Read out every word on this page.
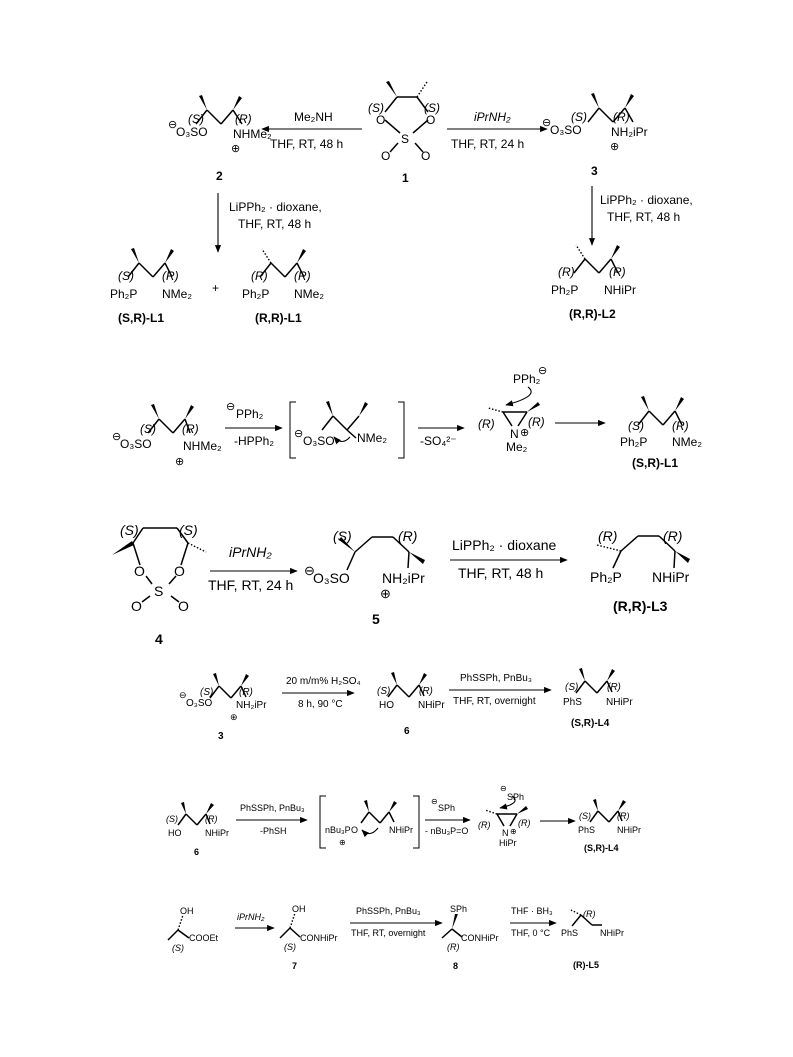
(S)	(S)
O	O
S
O	O
1
Me₂NH
THF, RT, 48 h
iPrNH₂
THF, RT, 24 h
(S)	(R)
⊖
O₃SO NHMe₂
⊕
2
(S) (R)
⊖
O₃SO NH₂iPr
⊕
3
LiPPh₂ · dioxane,
THF, RT, 48 h
LiPPh₂ · dioxane,
THF, RT, 48 h
(S) (R)
Ph₂P NMe₂
(S,R)-L1
+
(R) (R)
Ph₂P NMe₂
(R,R)-L1
(R)	(R)
Ph₂P NHiPr
(R,R)-L2
(S) (R)
⊖
O₃SO	NHMe₂
⊕
⊖ PPh₂
-HPPh₂ ⊖ O₃SO NMe₂	-SO₄²⁻
PPh₂
⊖
(R)	(R)
N ⊕
Me₂
(S) (R)
Ph₂P NMe₂
(S,R)-L1
(S)	(S)
O O
S
O	O
4
iPrNH₂
THF, RT, 24 h
(S)	(R)
⊖
O₃SO NH₂iPr
⊕
5
LiPPh₂ · dioxane
THF, RT, 48 h
(R)	(R)
Ph₂P NHiPr
(R,R)-L3
(S)	(R)
⊖
O₃SO NH₂iPr
⊕
3
20 m/m% H₂SO₄
8 h, 90 °C
(S)	(R)
HO NHiPr
6
PhSSPh, PnBu₃
THF, RT, overnight
(S)	(R)
PhS NHiPr
(S,R)-L4
(S)	(R)
HO	NHiPr
6
PhSSPh, PnBu₃
-PhSH	nBu₃P O	NHiPr
⊕
⊖
SPh
- nBu₃P=O
SPh
⊖
(R)	(R)
N ⊕
HiPr
(S)	(R)
PhS NHiPr
(S,R)-L4
OH
COOEt
(S)
iPrNH₂
OH
CONHiPr
(S)
7
PhSSPh, PnBu₃
THF, RT, overnight
SPh
CONHiPr
(R)
8
THF · BH₃
THF, 0 °C
(R)
PhS NHiPr
(R)-L5
